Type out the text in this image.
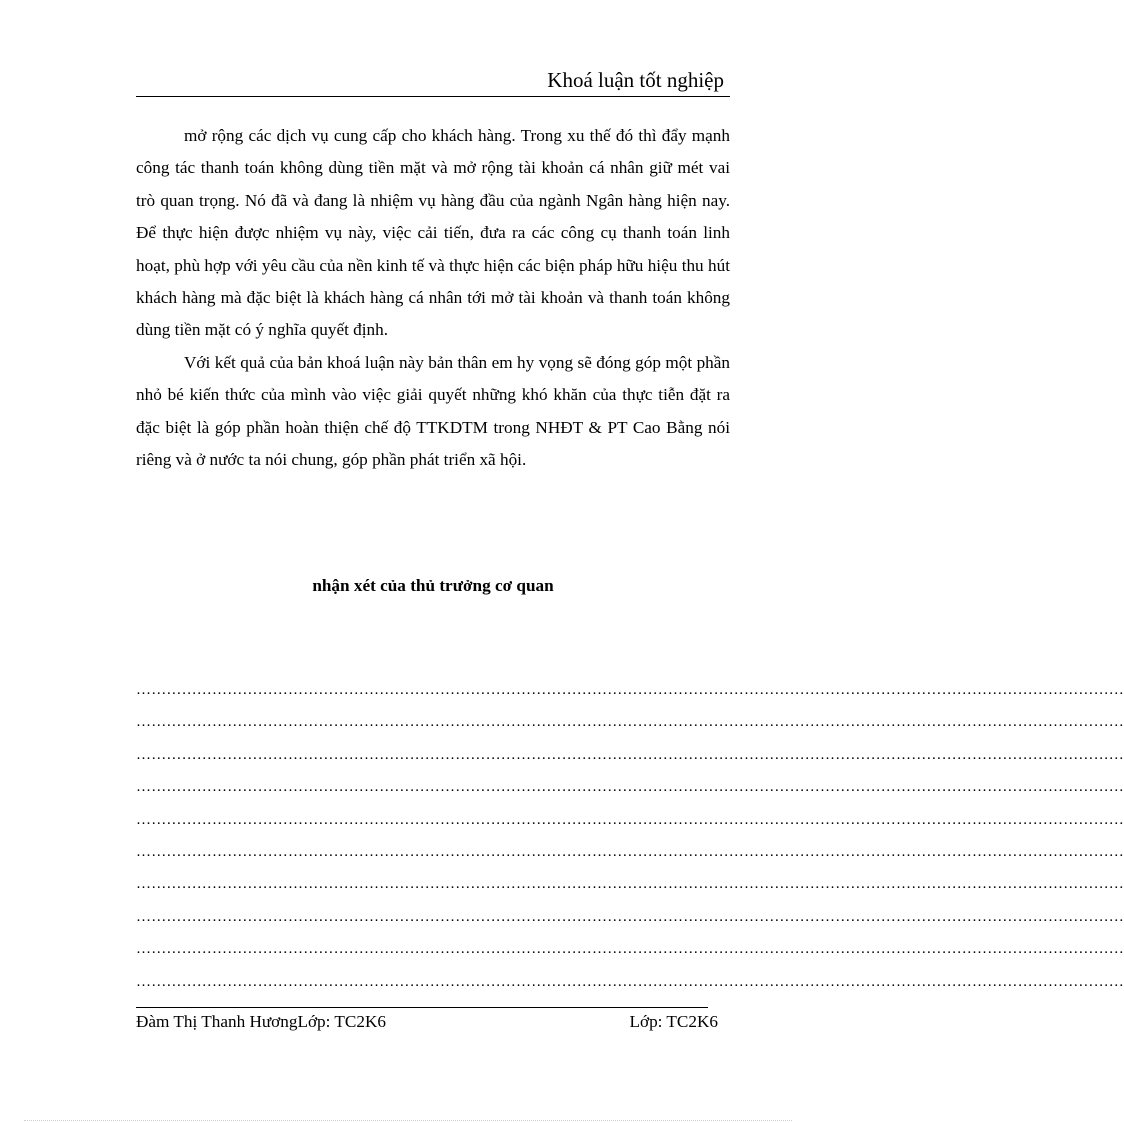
Khoá luận tốt nghiệp

mở rộng các dịch vụ cung cấp cho khách hàng. Trong xu thế đó thì đẩy mạnh công tác thanh toán không dùng tiền mặt và mở rộng tài khoản cá nhân giữ mét vai trò quan trọng. Nó đã và đang là nhiệm vụ hàng đầu của ngành Ngân hàng hiện nay. Để thực hiện được nhiệm vụ này, việc cải tiến, đưa ra các công cụ thanh toán linh hoạt, phù hợp với yêu cầu của nền kinh tế và thực hiện các biện pháp hữu hiệu thu hút khách hàng mà đặc biệt là khách hàng cá nhân tới mở tài khoản và thanh toán không dùng tiền mặt có ý nghĩa quyết định.

Với kết quả của bản khoá luận này bản thân em hy vọng sẽ đóng góp một phần nhỏ bé kiến thức của mình vào việc giải quyết những khó khăn của thực tiễn đặt ra đặc biệt là góp phần hoàn thiện chế độ TTKDTM trong NHĐT & PT Cao Bằng nói riêng và ở nước ta nói chung, góp phần phát triển xã hội.

nhận xét của thủ trưởng cơ quan
……………………………………………………………………………………………………………………………………………………………………………
……………………………………………………………………………………………………………………………………………………………………………
……………………………………………………………………………………………………………………………………………………………………………
……………………………………………………………………………………………………………………………………………………………………………
……………………………………………………………………………………………………………………………………………………………………………
……………………………………………………………………………………………………………………………………………………………………………
……………………………………………………………………………………………………………………………………………………………………………
……………………………………………………………………………………………………………………………………………………………………………
……………………………………………………………………………………………………………………………………………………………………………
……………………………………………………………………………………………………………………………………………………………………………
Đàm Thị Thanh HươngLớp: TC2K6	Lớp: TC2K6
